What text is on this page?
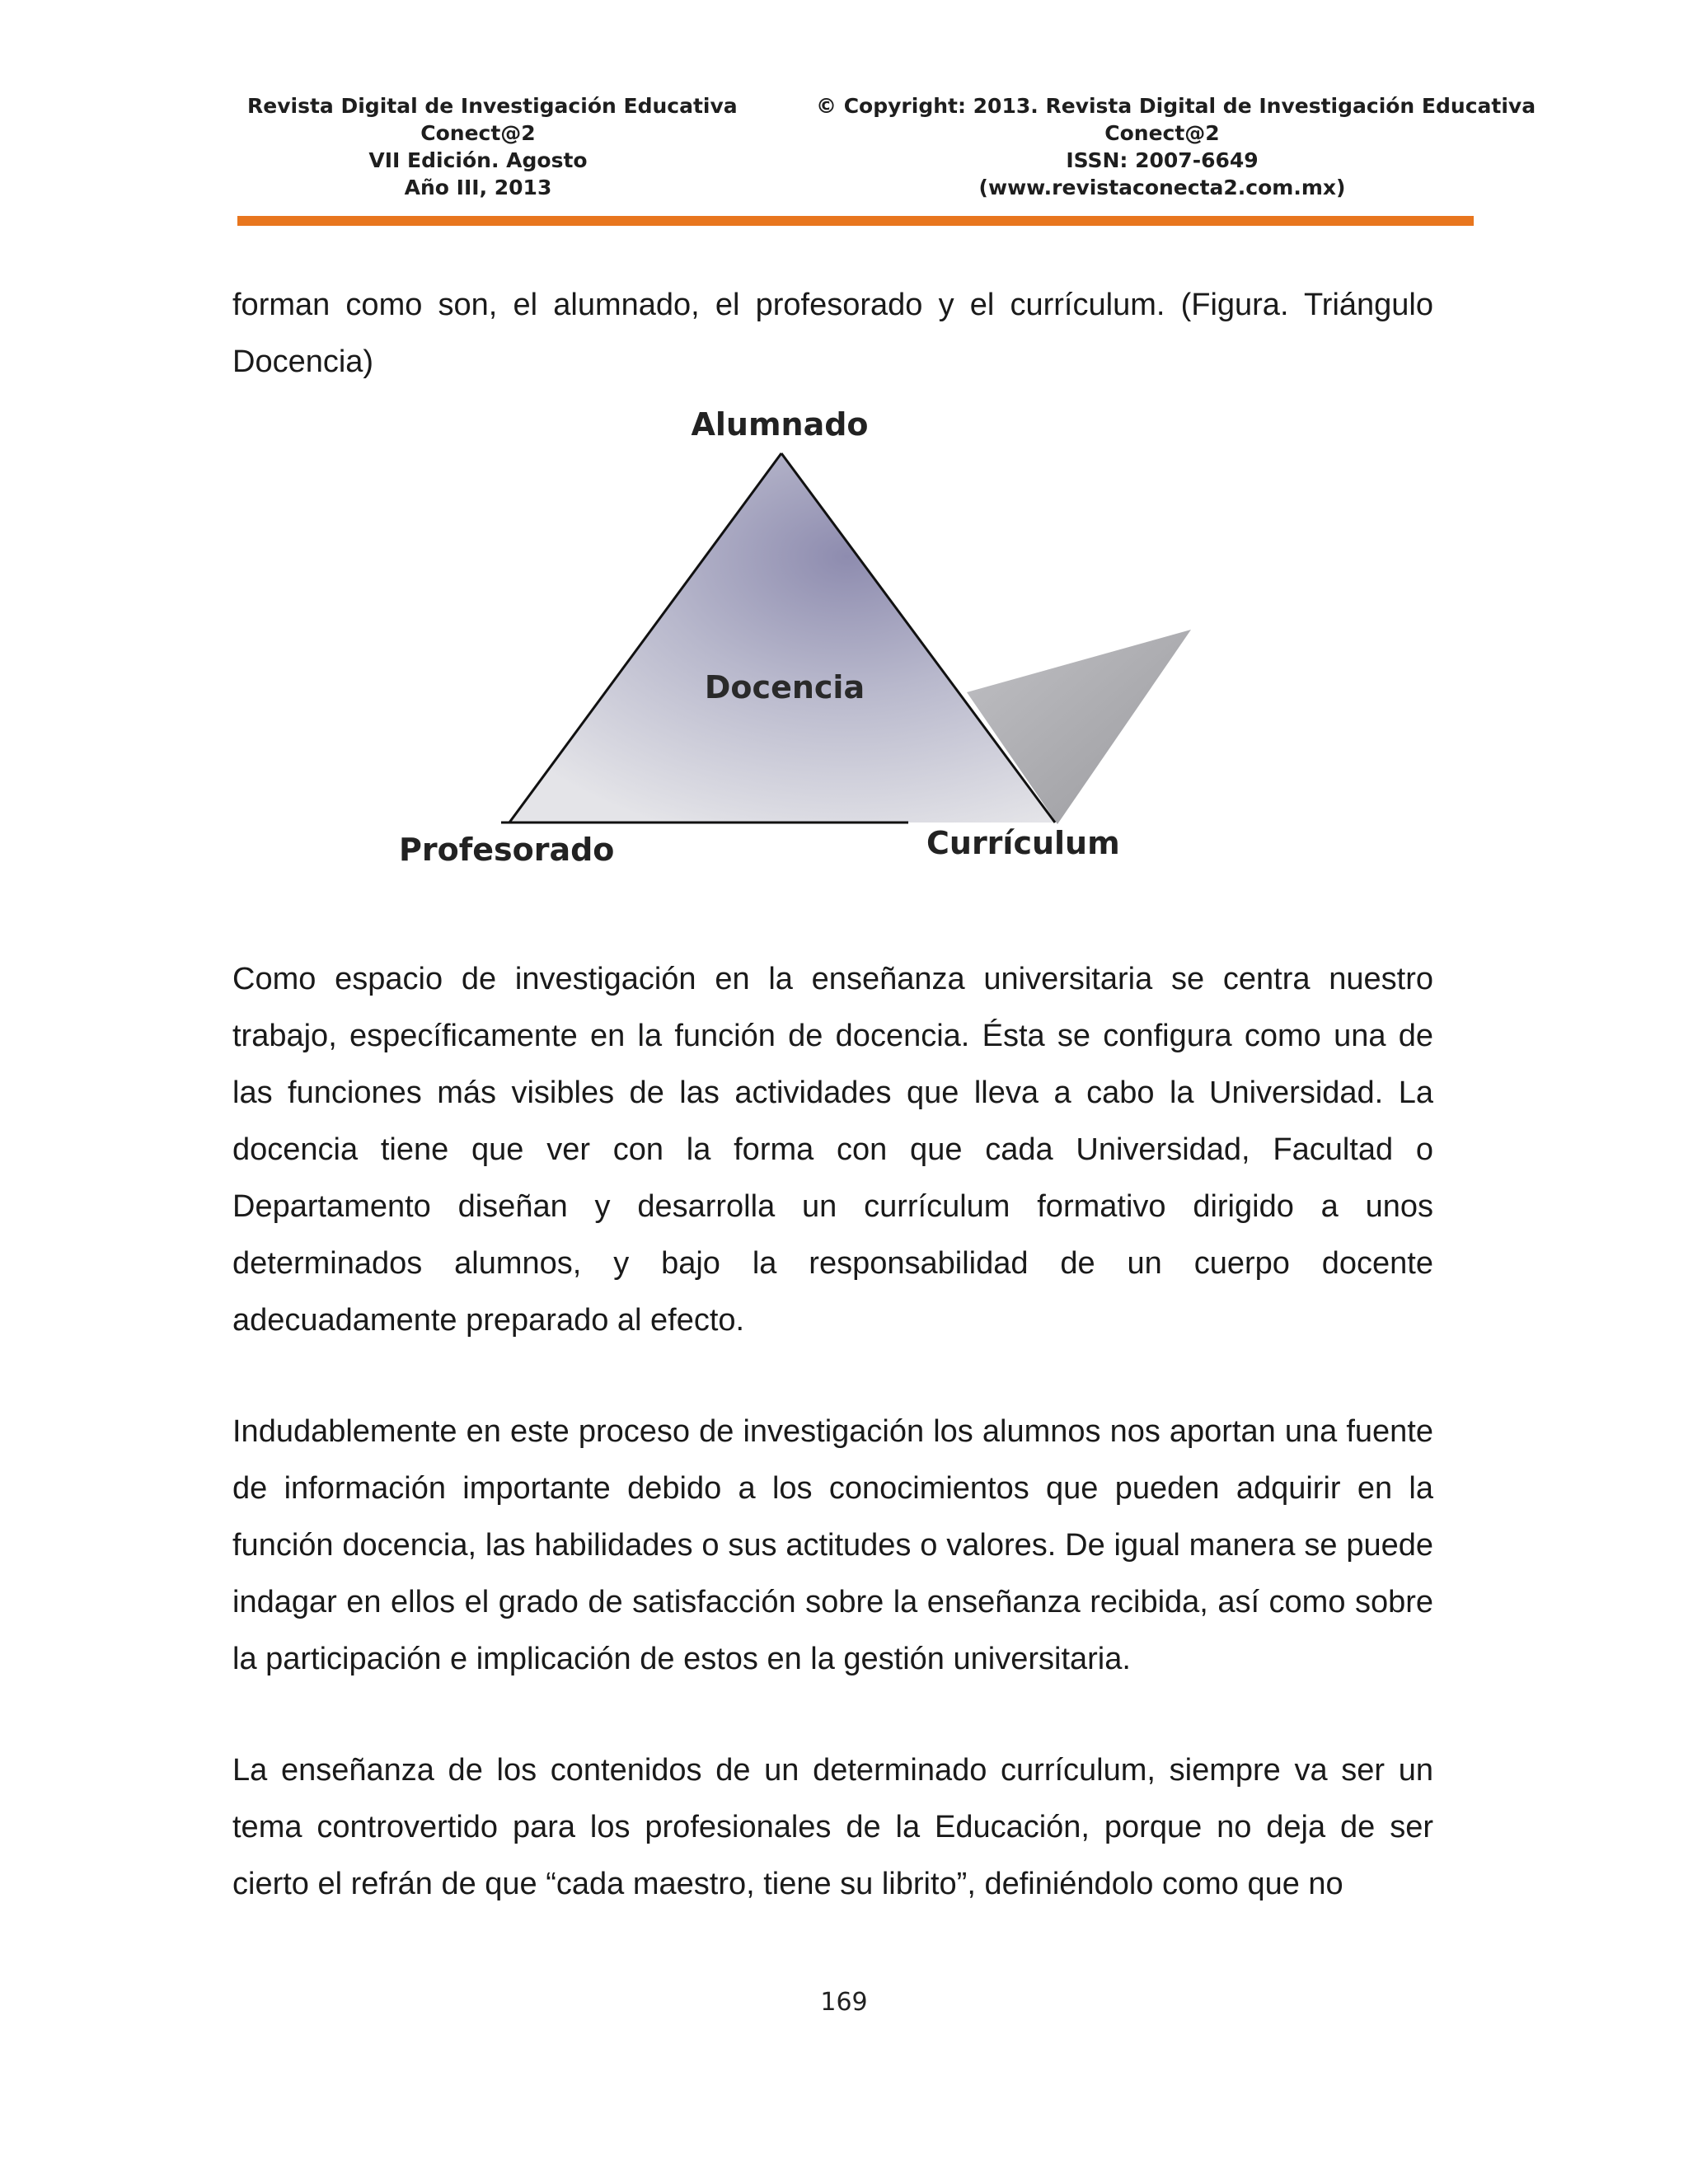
Revista Digital de Investigación Educativa
Conect@2
VII Edición. Agosto
Año III, 2013
© Copyright: 2013. Revista Digital de Investigación Educativa
Conect@2
ISSN: 2007-6649
(www.revistaconecta2.com.mx)

forman como son, el alumnado, el profesorado y el currículum. (Figura. Triángulo Docencia)

Alumnado
Docencia
Profesorado	Currículum

Como espacio de investigación en la enseñanza universitaria se centra nuestro trabajo, específicamente en la función de docencia. Ésta se configura como una de las funciones más visibles de las actividades que lleva a cabo la Universidad. La docencia tiene que ver con la forma con que cada Universidad, Facultad o Departamento diseñan y desarrolla un currículum formativo dirigido a unos determinados alumnos, y bajo la responsabilidad de un cuerpo docente adecuadamente preparado al efecto.

Indudablemente en este proceso de investigación los alumnos nos aportan una fuente de información importante debido a los conocimientos que pueden adquirir en la función docencia, las habilidades o sus actitudes o valores. De igual manera se puede indagar en ellos el grado de satisfacción sobre la enseñanza recibida, así como sobre la participación e implicación de estos en la gestión universitaria.

La enseñanza de los contenidos de un determinado currículum, siempre va ser un tema controvertido para los profesionales de la Educación, porque no deja de ser cierto el refrán de que “cada maestro, tiene su librito”, definiéndolo como que no

169
